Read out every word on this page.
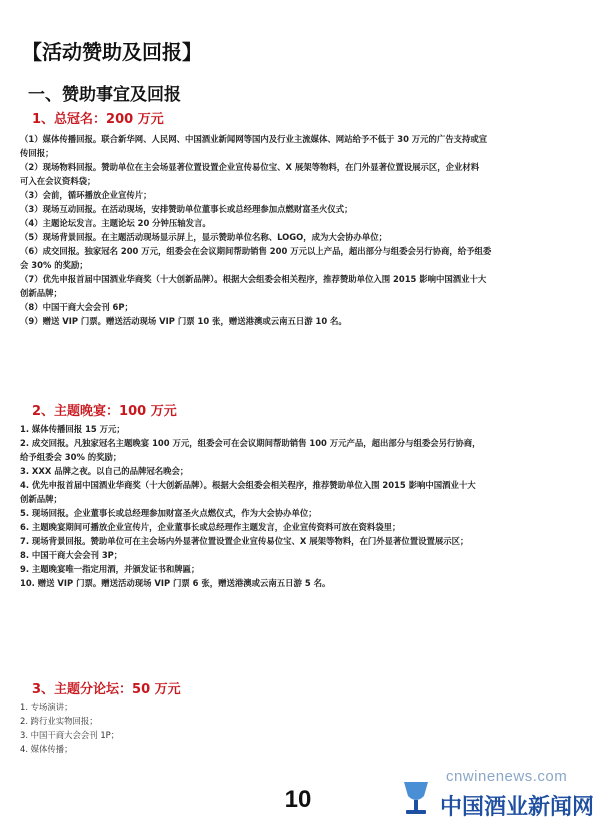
【活动赞助及回报】
一、赞助事宜及回报
1、总冠名：200 万元
（1）媒体传播回报。联合新华网、人民网、中国酒业新闻网等国内及行业主流媒体、网站给予不低于 30 万元的广告支持或宣
传回报；
（2）现场物料回报。赞助单位在主会场显著位置设置企业宣传易位宝、X 展架等物料，在门外显著位置设展示区，企业材料
可入在会议资料袋；
（3）会前，循环播放企业宣传片；
（3）现场互动回报。在活动现场，安排赞助单位董事长或总经理参加点燃财富圣火仪式；
（4）主题论坛发言。主题论坛 20 分钟压轴发言。
（5）现场背景回报。在主题活动现场显示屏上，显示赞助单位名称、LOGO，成为大会协办单位；
（6）成交回报。独家冠名 200 万元，组委会在会议期间帮助销售 200 万元以上产品，超出部分与组委会另行协商，给予组委
会 30% 的奖励；
（7）优先申报首届中国酒业华商奖（十大创新品牌）。根据大会组委会相关程序，推荐赞助单位入围 2015 影响中国酒业十大
创新品牌；
（8）中国干商大会会刊 6P；
（9）赠送 VIP 门票。赠送活动现场 VIP 门票 10 张，赠送港澳或云南五日游 10 名。
2、主题晚宴：100 万元
1. 媒体传播回报 15 万元；
2. 成交回报。凡独家冠名主题晚宴 100 万元，组委会可在会议期间帮助销售 100 万元产品，超出部分与组委会另行协商，
给予组委会 30% 的奖励；
3. XXX 品牌之夜。以自己的品牌冠名晚会；
4. 优先申报首届中国酒业华商奖（十大创新品牌）。根据大会组委会相关程序，推荐赞助单位入围 2015 影响中国酒业十大
创新品牌；
5. 现场回报。企业董事长或总经理参加财富圣火点燃仪式，作为大会协办单位；
6. 主题晚宴期间可播放企业宣传片，企业董事长或总经理作主题发言，企业宣传资料可放在资料袋里；
7. 现场背景回报。赞助单位可在主会场内外显著位置设置企业宣传易位宝、X 展架等物料，在门外显著位置设置展示区；
8. 中国干商大会会刊 3P；
9. 主题晚宴唯一指定用酒，并颁发证书和牌匾；
10. 赠送 VIP 门票。赠送活动现场 VIP 门票 6 张，赠送港澳或云南五日游 5 名。
3、主题分论坛：50 万元
1. 专场演讲；
2. 跨行业实物回报；
3. 中国干商大会会刊 1P；
4. 媒体传播；
10
cnwinenews.com
中国酒业新闻网
